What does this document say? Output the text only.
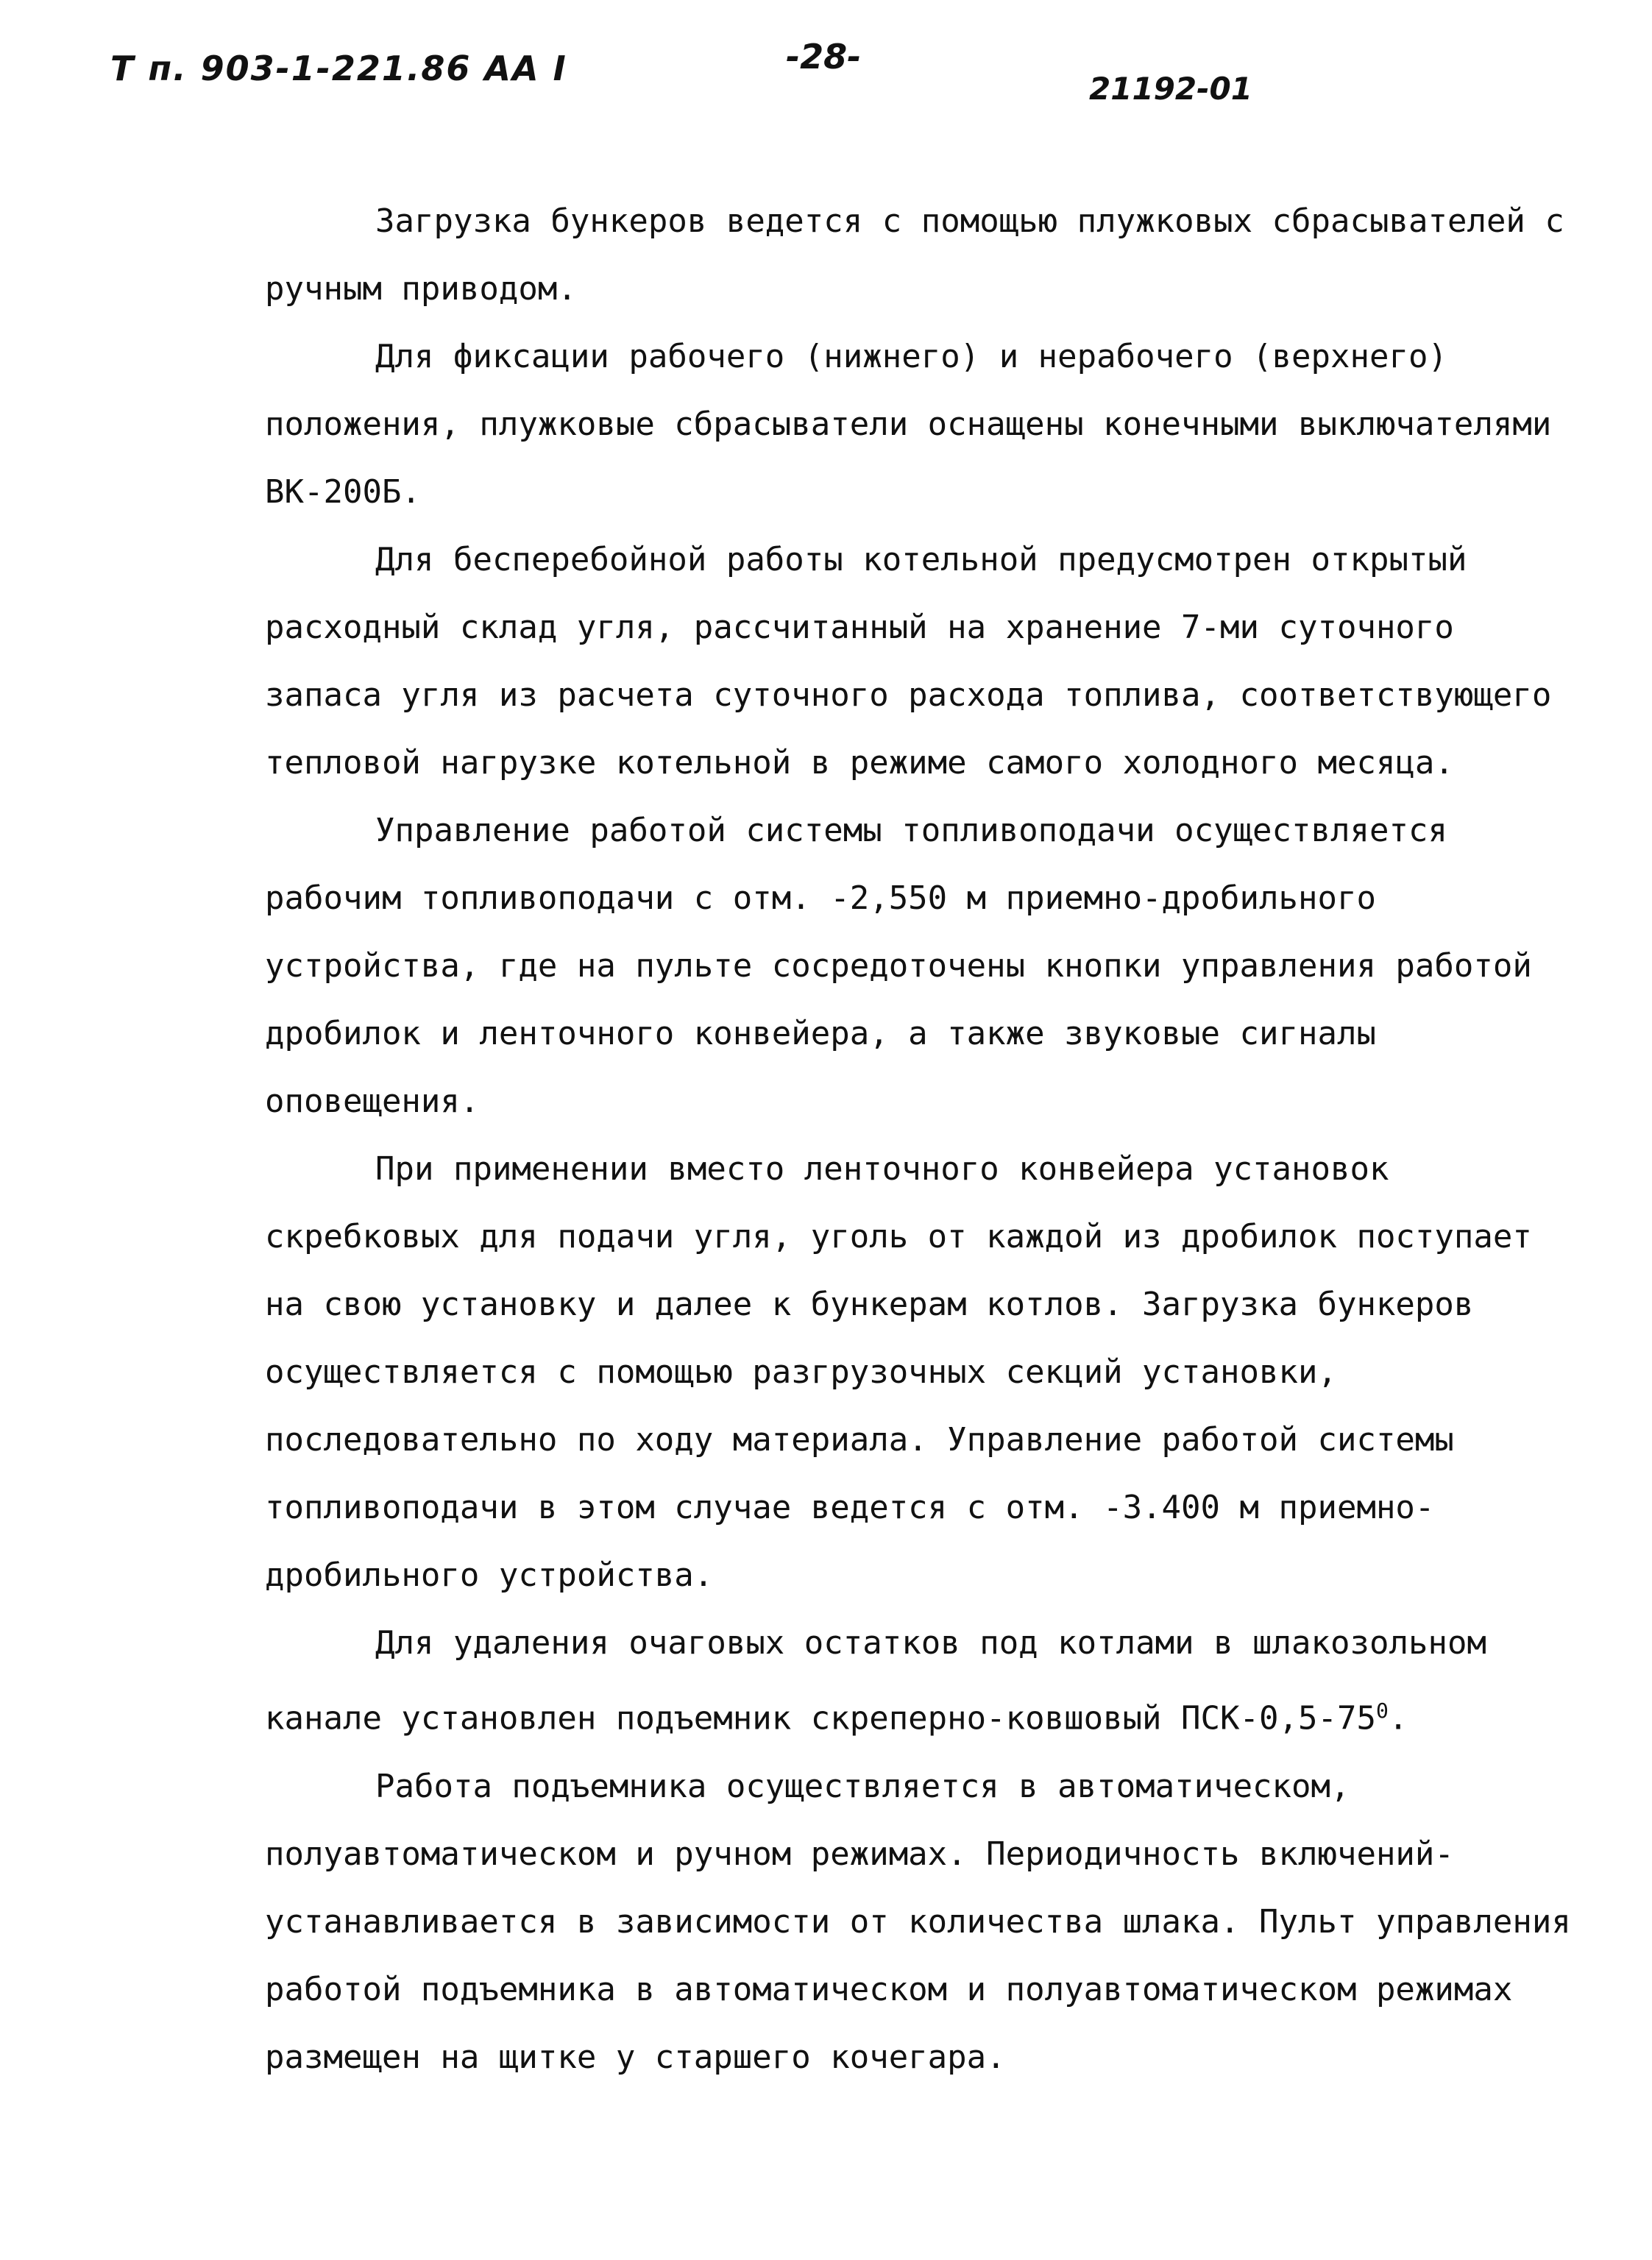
Т п. 903-1-221.86 АА I	-28-
21192-01

Загрузка бункеров ведется с помощью плужковых сбрасывателей с ручным приводом.

Для фиксации рабочего (нижнего) и нерабочего (верхнего) положения, плужковые сбрасыватели оснащены конечными выключателями ВК-200Б.

Для бесперебойной работы котельной предусмотрен открытый расходный склад угля, рассчитанный на хранение 7-ми суточного запаса угля из расчета суточного расхода топлива, соответствующего тепловой нагрузке котельной в режиме самого холодного месяца.

Управление работой системы топливоподачи осуществляется рабочим топливоподачи с отм. -2,550 м приемно-дробильного устройства, где на пульте сосредоточены кнопки управления работой дробилок и ленточного конвейера, а также звуковые сигналы оповещения.

При применении вместо ленточного конвейера установок скребковых для подачи угля, уголь от каждой из дробилок поступает на свою установку и далее к бункерам котлов. Загрузка бункеров осуществляется с помощью разгрузочных секций установки, последовательно по ходу материала. Управление работой системы топливоподачи в этом случае ведется с отм. -3.400 м приемно-дробильного устройства.

Для удаления очаговых остатков под котлами в шлакозольном канале установлен подъемник скреперно-ковшовый ПСК-$0,5-75^0$.

Работа подъемника осуществляется в автоматическом, полуавтоматическом и ручном режимах. Периодичность включений-устанавливается в зависимости от количества шлака. Пульт управления работой подъемника в автоматическом и полуавтоматическом режимах размещен на щитке у старшего кочегара.
